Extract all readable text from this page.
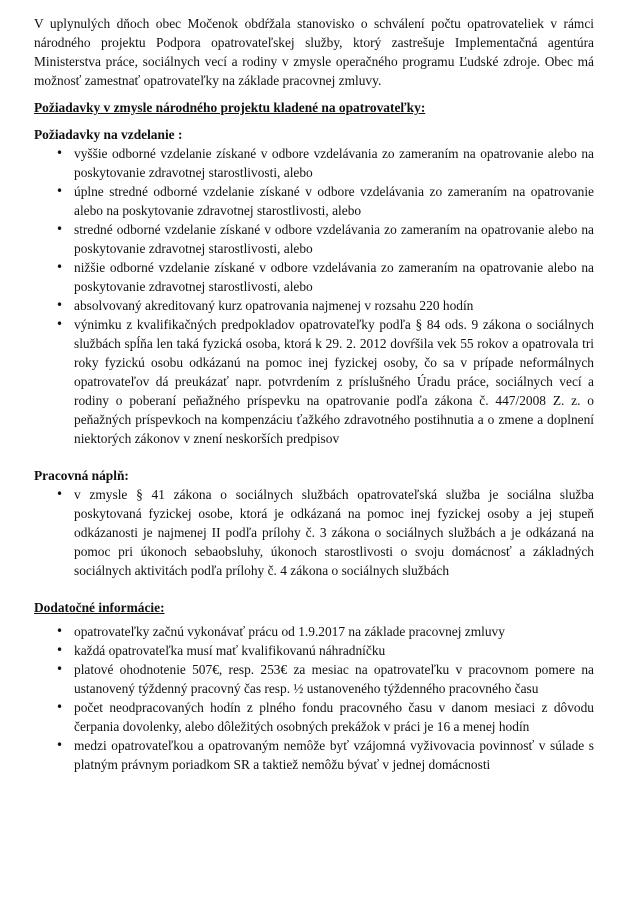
V uplynulých dňoch obec Močenok obdŕžala stanovisko o schválení počtu opatrovateliek v rámci národného projektu Podpora opatrovateľskej služby, ktorý zastrešuje Implementačná agentúra Ministerstva práce, sociálnych vecí a rodiny v zmysle operačného programu Ľudské zdroje. Obec má možnosť zamestnať opatrovateľky na základe pracovnej zmluvy.

Požiadavky v zmysle národného projektu kladené na opatrovateľky:

Požiadavky na vzdelanie :

• vyššie odborné vzdelanie získané v odbore vzdelávania zo zameraním na opatrovanie alebo na poskytovanie zdravotnej starostlivosti, alebo
• úplne stredné odborné vzdelanie získané v odbore vzdelávania zo zameraním na opatrovanie alebo na poskytovanie zdravotnej starostlivosti, alebo
• stredné odborné vzdelanie získané v odbore vzdelávania zo zameraním na opatrovanie alebo na poskytovanie zdravotnej starostlivosti, alebo
• nižšie odborné vzdelanie získané v odbore vzdelávania zo zameraním na opatrovanie alebo na poskytovanie zdravotnej starostlivosti, alebo
• absolvovaný akreditovaný kurz opatrovania najmenej v rozsahu 220 hodín
• výnimku z kvalifikačných predpokladov opatrovateľky podľa § 84 ods. 9 zákona o sociálnych službách spĺňa len taká fyzická osoba, ktorá k 29. 2. 2012 dovŕšila vek 55 rokov a opatrovala tri roky fyzickú osobu odkázanú na pomoc inej fyzickej osoby, čo sa v prípade neformálnych opatrovateľov dá preukázať napr. potvrdením z príslušného Úradu práce, sociálnych vecí a rodiny o poberaní peňažného príspevku na opatrovanie podľa zákona č. 447/2008 Z. z. o peňažných príspevkoch na kompenzáciu ťažkého zdravotného postihnutia a o zmene a doplnení niektorých zákonov v znení neskorších predpisov

Pracovná náplň:

• v zmysle § 41 zákona o sociálnych službách opatrovateľská služba je sociálna služba poskytovaná fyzickej osobe, ktorá je odkázaná na pomoc inej fyzickej osoby a jej stupeň odkázanosti je najmenej II podľa prílohy č. 3 zákona o sociálnych službách a je odkázaná na pomoc pri úkonoch sebaobsluhy, úkonoch starostlivosti o svoju domácnosť a základných sociálnych aktivitách podľa prílohy č. 4 zákona o sociálnych službách

Dodatočné informácie:

• opatrovateľky začnú vykonávať prácu od 1.9.2017 na základe pracovnej zmluvy
• každá opatrovateľka musí mať kvalifikovanú náhradníčku
• platové ohodnotenie 507€, resp. 253€ za mesiac na opatrovateľku v pracovnom pomere na ustanovený týždenný pracovný čas resp. ½ ustanoveného týždenného pracovného času
• počet neodpracovaných hodín z plného fondu pracovného času v danom mesiaci z dôvodu čerpania dovolenky, alebo dôležitých osobných prekážok v práci je 16 a menej hodín
• medzi opatrovateľkou a opatrovaným nemôže byť vzájomná vyživovacia povinnosť v súlade s platným právnym poriadkom SR a taktiež nemôžu bývať v jednej domácnosti
